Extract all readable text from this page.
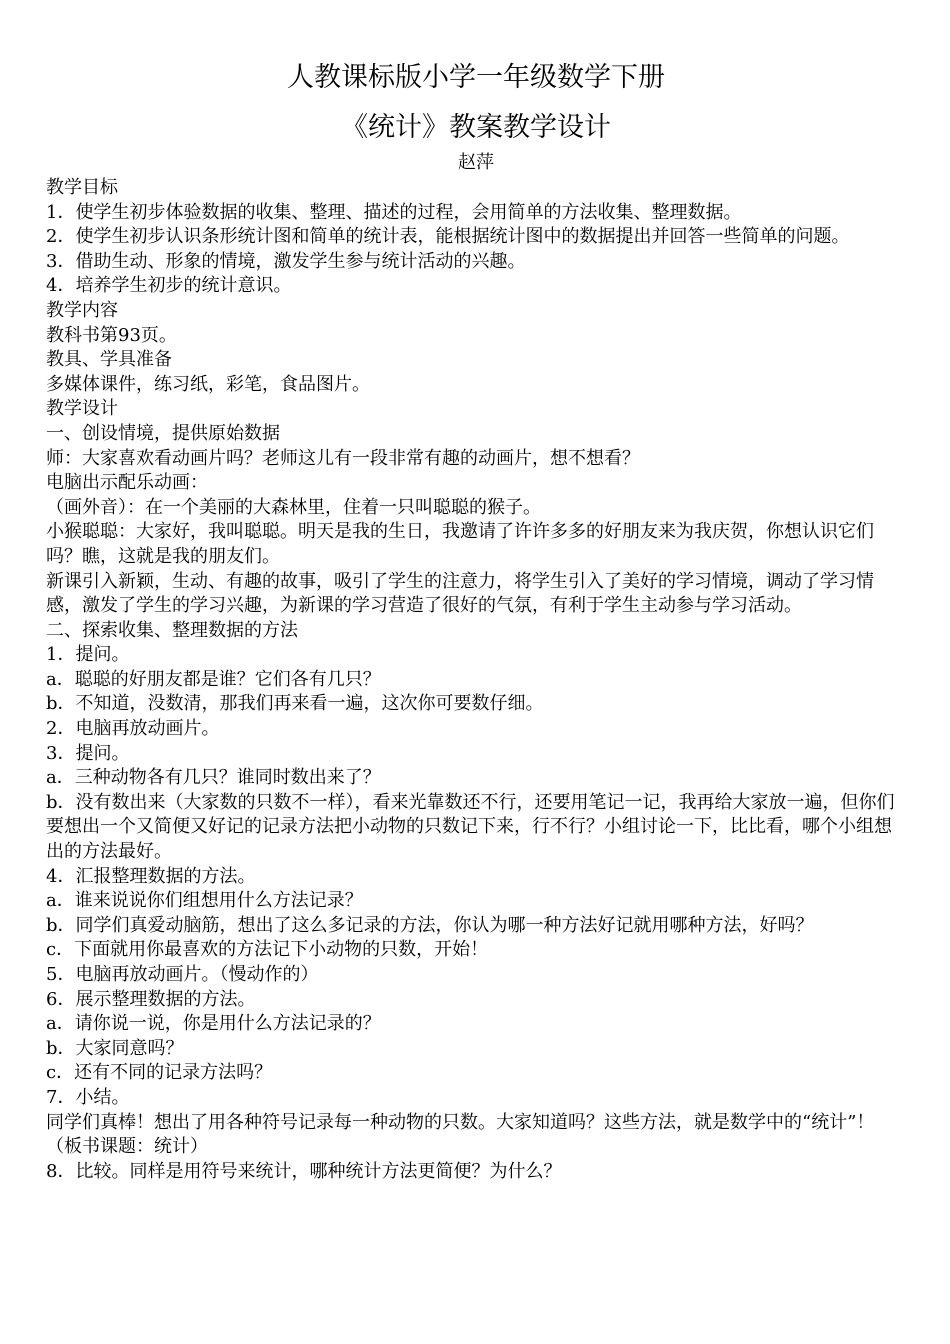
人教课标版小学一年级数学下册
《统计》教案教学设计
赵萍

教学目标

1．使学生初步体验数据的收集、整理、描述的过程，会用简单的方法收集、整理数据。

2．使学生初步认识条形统计图和简单的统计表，能根据统计图中的数据提出并回答一些简单的问题。

3．借助生动、形象的情境，激发学生参与统计活动的兴趣。

4．培养学生初步的统计意识。

教学内容

教科书第93页。

教具、学具准备

多媒体课件，练习纸，彩笔，食品图片。

教学设计

一、创设情境，提供原始数据

师：大家喜欢看动画片吗？老师这儿有一段非常有趣的动画片，想不想看？

电脑出示配乐动画：

（画外音）：在一个美丽的大森林里，住着一只叫聪聪的猴子。

小猴聪聪：大家好，我叫聪聪。明天是我的生日，我邀请了许许多多的好朋友来为我庆贺，你想认识它们吗？瞧，这就是我的朋友们。

新课引入新颖，生动、有趣的故事，吸引了学生的注意力，将学生引入了美好的学习情境，调动了学习情感，激发了学生的学习兴趣，为新课的学习营造了很好的气氛，有利于学生主动参与学习活动。

二、探索收集、整理数据的方法

1．提问。

a．聪聪的好朋友都是谁？它们各有几只？

b．不知道，没数清，那我们再来看一遍，这次你可要数仔细。

2．电脑再放动画片。

3．提问。

a．三种动物各有几只？谁同时数出来了？

b．没有数出来（大家数的只数不一样），看来光靠数还不行，还要用笔记一记，我再给大家放一遍，但你们要想出一个又简便又好记的记录方法把小动物的只数记下来，行不行？小组讨论一下，比比看，哪个小组想出的方法最好。

4．汇报整理数据的方法。

a．谁来说说你们组想用什么方法记录？

b．同学们真爱动脑筋，想出了这么多记录的方法，你认为哪一种方法好记就用哪种方法，好吗？

c．下面就用你最喜欢的方法记下小动物的只数，开始！

5．电脑再放动画片。（慢动作的）

6．展示整理数据的方法。

a．请你说一说，你是用什么方法记录的？

b．大家同意吗？

c．还有不同的记录方法吗？

7．小结。

同学们真棒！想出了用各种符号记录每一种动物的只数。大家知道吗？这些方法，就是数学中的“统计”！

（板书课题：统计）

8．比较。同样是用符号来统计，哪种统计方法更简便？为什么？
